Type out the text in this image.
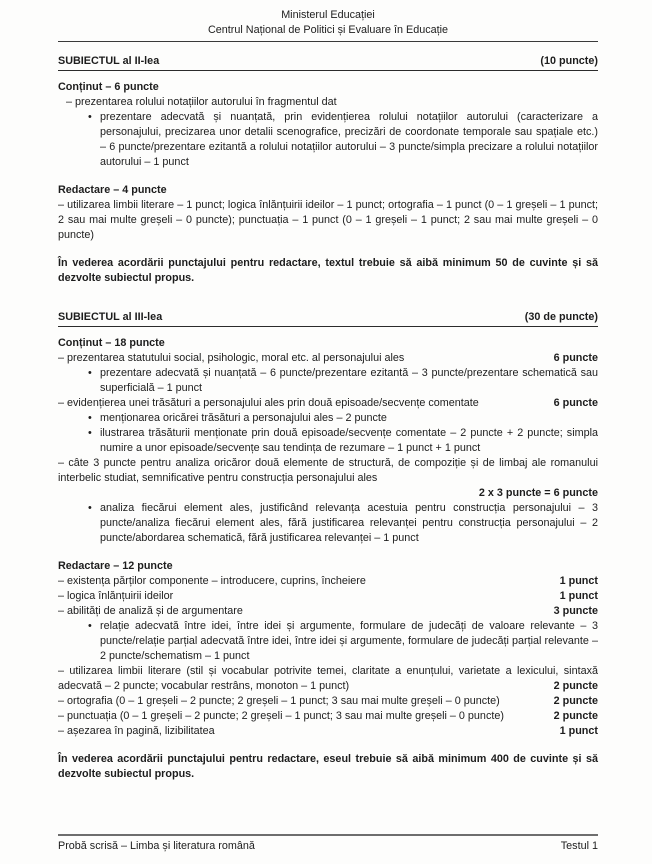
Ministerul Educației
Centrul Național de Politici și Evaluare în Educație
SUBIECTUL al II-lea	(10 puncte)
Conținut – 6 puncte
– prezentarea rolului notațiilor autorului în fragmentul dat
• prezentare adecvată și nuanțată, prin evidențierea rolului notațiilor autorului (caracterizare a personajului, precizarea unor detalii scenografice, precizări de coordonate temporale sau spațiale etc.) – 6 puncte/prezentare ezitantă a rolului notațiilor autorului – 3 puncte/simpla precizare a rolului notațiilor autorului – 1 punct
Redactare – 4 puncte
– utilizarea limbii literare – 1 punct; logica înlănțuirii ideilor – 1 punct; ortografia – 1 punct (0 – 1 greșeli – 1 punct; 2 sau mai multe greșeli – 0 puncte); punctuația – 1 punct (0 – 1 greșeli – 1 punct; 2 sau mai multe greșeli – 0 puncte)
În vederea acordării punctajului pentru redactare, textul trebuie să aibă minimum 50 de cuvinte și să dezvolte subiectul propus.
SUBIECTUL al III-lea	(30 de puncte)
Conținut – 18 puncte
– prezentarea statutului social, psihologic, moral etc. al personajului ales	6 puncte
• prezentare adecvată și nuanțată – 6 puncte/prezentare ezitantă – 3 puncte/prezentare schematică sau superficială – 1 punct
– evidențierea unei trăsături a personajului ales prin două episoade/secvențe comentate	6 puncte
• menționarea oricărei trăsături a personajului ales – 2 puncte
• ilustrarea trăsăturii menționate prin două episoade/secvențe comentate – 2 puncte + 2 puncte; simpla numire a unor episoade/secvențe sau tendința de rezumare – 1 punct + 1 punct
– câte 3 puncte pentru analiza oricăror două elemente de structură, de compoziție și de limbaj ale romanului interbelic studiat, semnificative pentru construcția personajului ales
2 x 3 puncte = 6 puncte
• analiza fiecărui element ales, justificând relevanța acestuia pentru construcția personajului – 3 puncte/analiza fiecărui element ales, fără justificarea relevanței pentru construcția personajului – 2 puncte/abordarea schematică, fără justificarea relevanței – 1 punct
Redactare – 12 puncte
– existența părților componente – introducere, cuprins, încheiere	1 punct
– logica înlănțuirii ideilor	1 punct
– abilități de analiză și de argumentare	3 puncte
• relație adecvată între idei, între idei și argumente, formulare de judecăți de valoare relevante – 3 puncte/relație parțial adecvată între idei, între idei și argumente, formulare de judecăți parțial relevante – 2 puncte/schematism – 1 punct
– utilizarea limbii literare (stil și vocabular potrivite temei, claritate a enunțului, varietate a lexicului, sintaxă adecvată – 2 puncte; vocabular restrâns, monoton – 1 punct)	2 puncte
– ortografia (0 – 1 greșeli – 2 puncte; 2 greșeli – 1 punct; 3 sau mai multe greșeli – 0 puncte)	2 puncte
– punctuația (0 – 1 greșeli – 2 puncte; 2 greșeli – 1 punct; 3 sau mai multe greșeli – 0 puncte)	2 puncte
– așezarea în pagină, lizibilitatea	1 punct
În vederea acordării punctajului pentru redactare, eseul trebuie să aibă minimum 400 de cuvinte și să dezvolte subiectul propus.
Probă scrisă – Limba și literatura română	Testul 1
